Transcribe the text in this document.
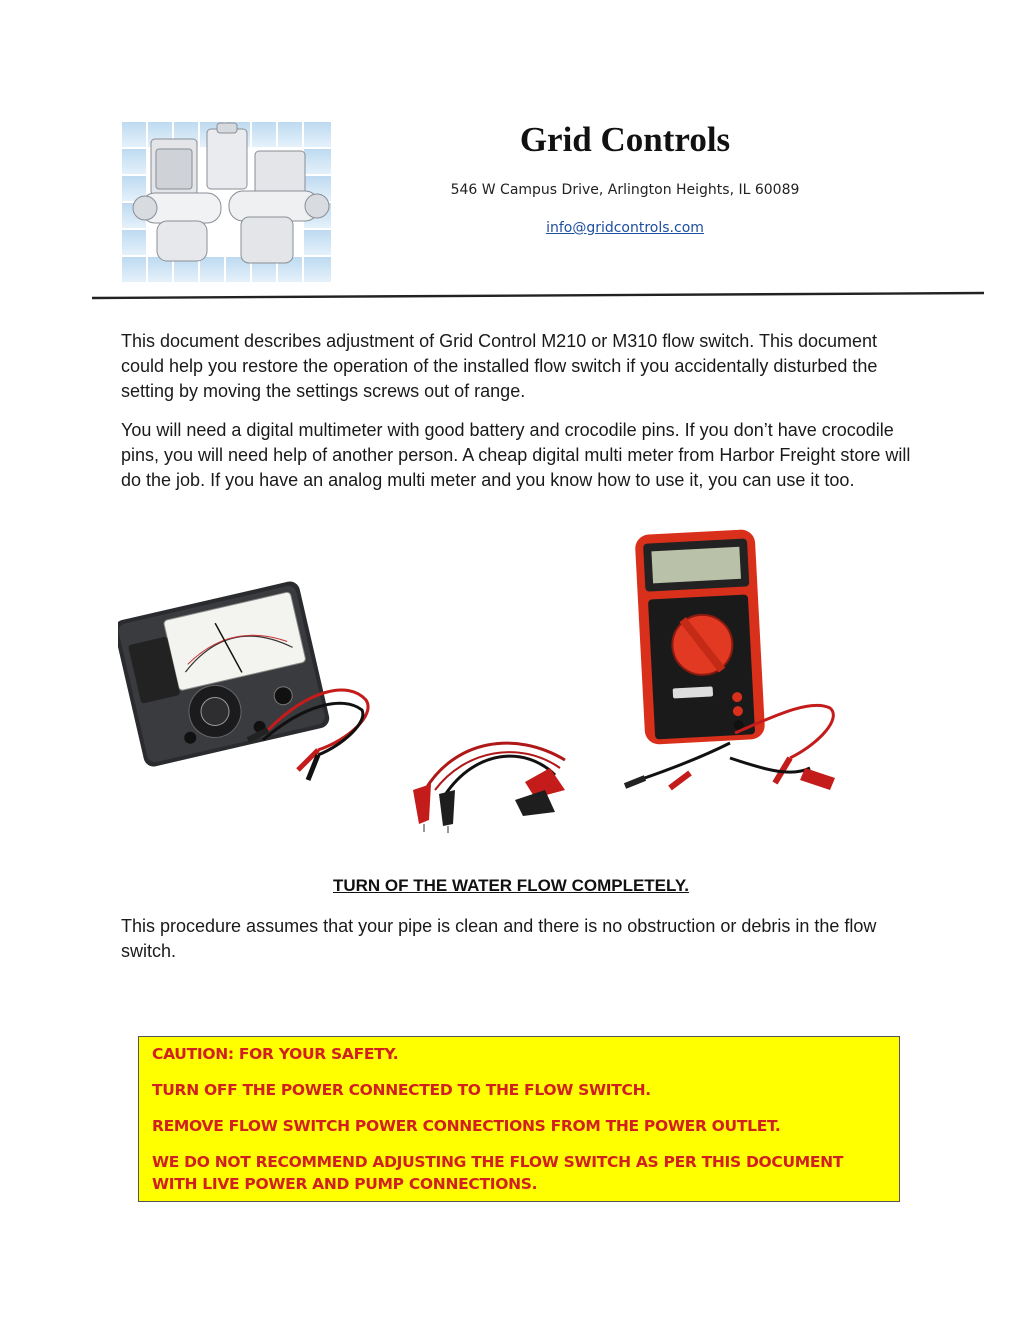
Grid Controls
546 W Campus Drive, Arlington Heights, IL 60089
info@gridcontrols.com

This document describes adjustment of Grid Control M210 or M310 flow switch. This document could help you restore the operation of the installed flow switch if you accidentally disturbed the setting by moving the settings screws out of range.

You will need a digital multimeter with good battery and crocodile pins. If you don’t have crocodile pins, you will need help of another person. A cheap digital multi meter from Harbor Freight store will do the job. If you have an analog multi meter and you know how to use it, you can use it too.

TURN OF THE WATER FLOW COMPLETELY.

This procedure assumes that your pipe is clean and there is no obstruction or debris in the flow switch.

CAUTION: FOR YOUR SAFETY.
TURN OFF THE POWER CONNECTED TO THE FLOW SWITCH.
REMOVE FLOW SWITCH POWER CONNECTIONS FROM THE POWER OUTLET.
WE DO NOT RECOMMEND ADJUSTING THE FLOW SWITCH AS PER THIS DOCUMENT WITH LIVE POWER AND PUMP CONNECTIONS.
